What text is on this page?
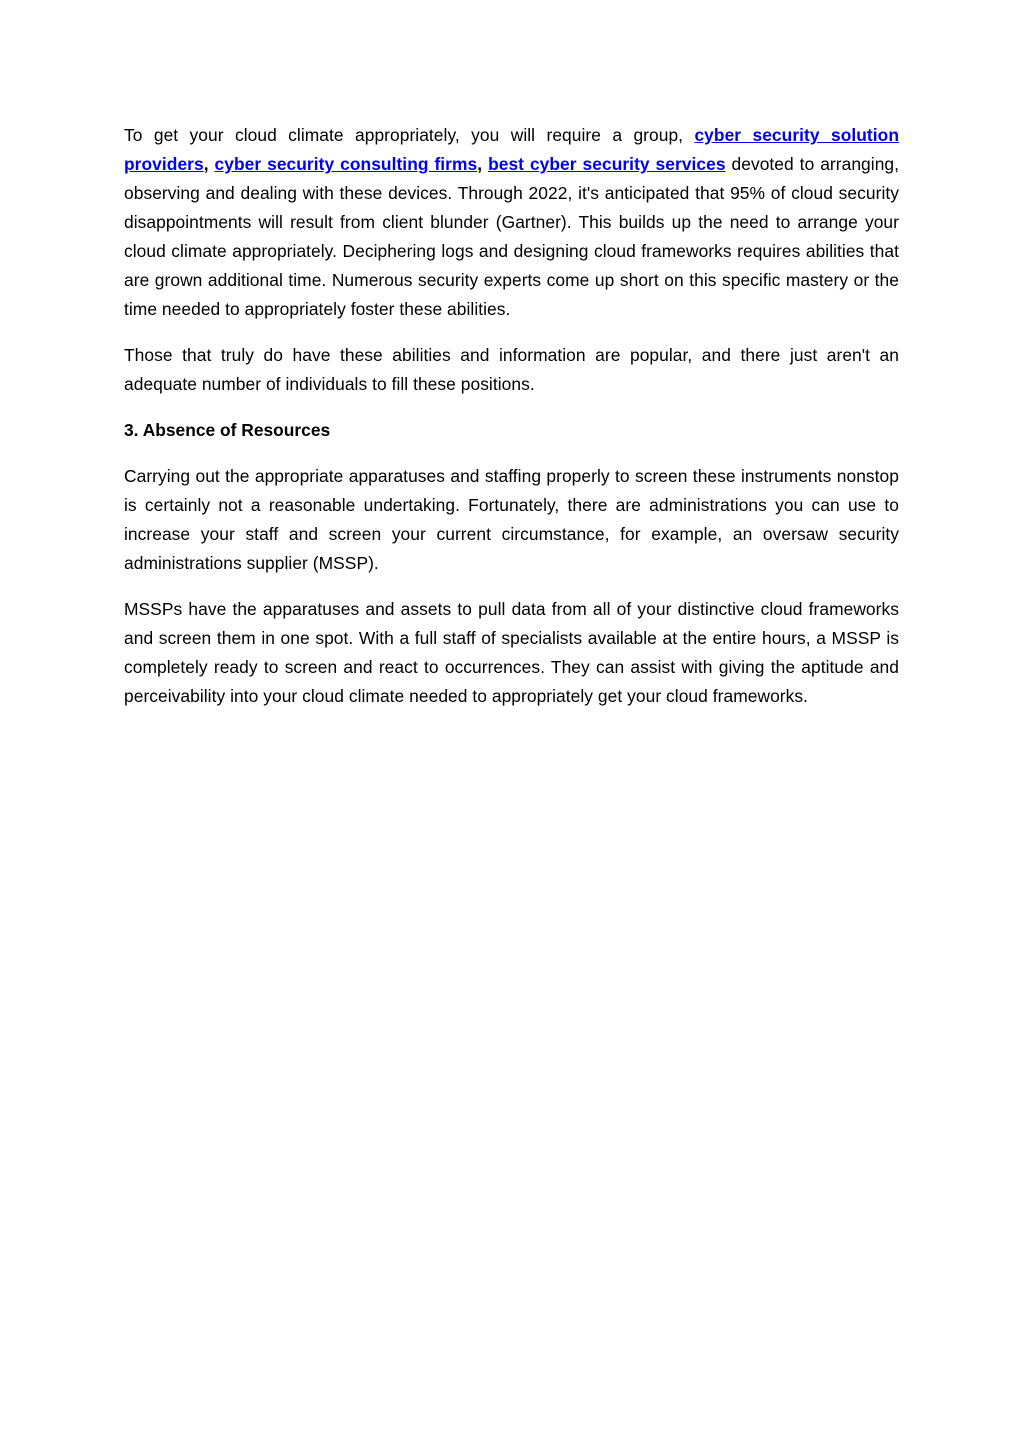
To get your cloud climate appropriately, you will require a group, cyber security solution providers, cyber security consulting firms, best cyber security services devoted to arranging, observing and dealing with these devices. Through 2022, it's anticipated that 95% of cloud security disappointments will result from client blunder (Gartner). This builds up the need to arrange your cloud climate appropriately. Deciphering logs and designing cloud frameworks requires abilities that are grown additional time. Numerous security experts come up short on this specific mastery or the time needed to appropriately foster these abilities.

Those that truly do have these abilities and information are popular, and there just aren't an adequate number of individuals to fill these positions.

3. Absence of Resources

Carrying out the appropriate apparatuses and staffing properly to screen these instruments nonstop is certainly not a reasonable undertaking. Fortunately, there are administrations you can use to increase your staff and screen your current circumstance, for example, an oversaw security administrations supplier (MSSP).

MSSPs have the apparatuses and assets to pull data from all of your distinctive cloud frameworks and screen them in one spot. With a full staff of specialists available at the entire hours, a MSSP is completely ready to screen and react to occurrences. They can assist with giving the aptitude and perceivability into your cloud climate needed to appropriately get your cloud frameworks.
